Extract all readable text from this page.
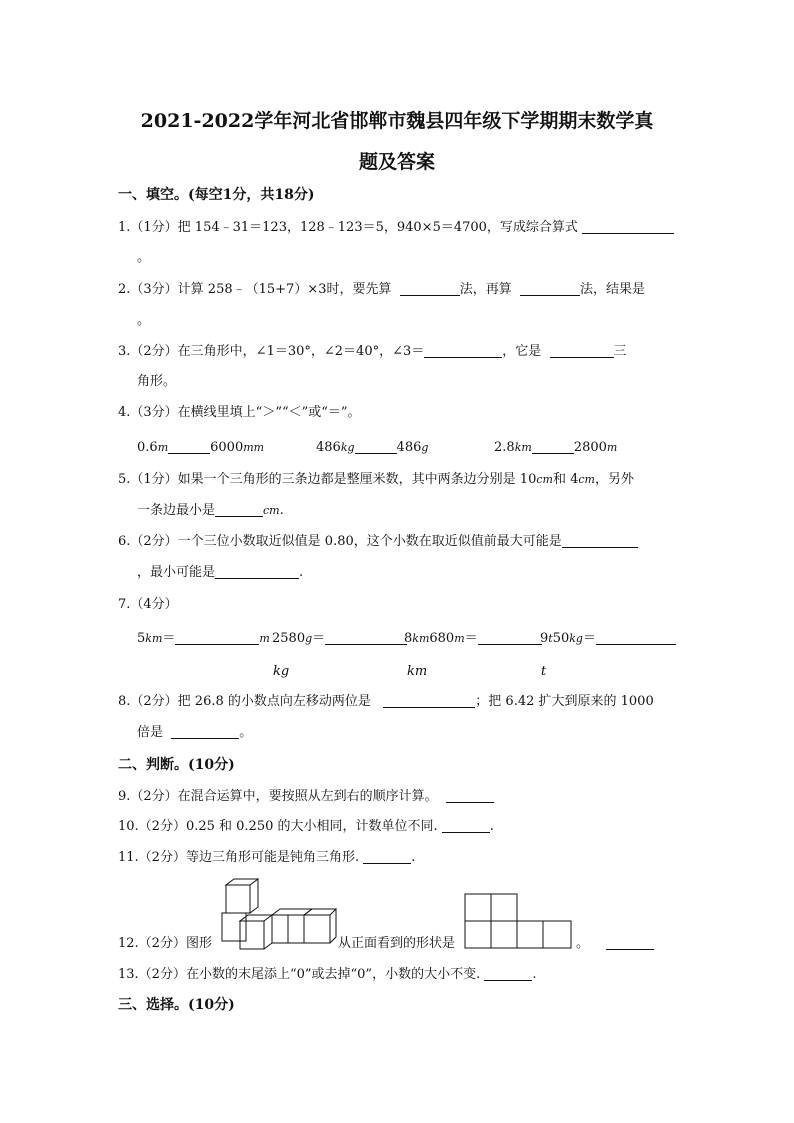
2021-2022学年河北省邯郸市魏县四年级下学期期末数学真
题及答案
一、填空。(每空1分，共18分)
1.（1分）把 154﹣31＝123，128﹣123＝5，940×5＝4700，写成综合算式
。
2.（3分）计算 258﹣（15+7）×3时，要先算	法，再算	法，结果是
。
3.（2分）在三角形中，∠1＝30°，∠2＝40°，∠3＝	，它是	三
角形。
4.（3分）在横线里填上“＞”“＜”或“＝”。
0.6m	6000mm	486kg	486g	2.8km	2800m
5.（1分）如果一个三角形的三条边都是整厘米数，其中两条边分别是 10cm和 4cm，另外
一条边最小是	cm.
6.（2分）一个三位小数取近似值是 0.80，这个小数在取近似值前最大可能是
，最小可能是	.
7.（4分）
5km＝	m 2580g＝
kg
8km680m＝
km
9t50kg＝
t
8.（2分）把 26.8 的小数点向左移动两位是	；把 6.42 扩大到原来的 1000
倍是	。
二、判断。(10分)
9.（2分）在混合运算中，要按照从左到右的顺序计算。
10.（2分）0.25 和 0.250 的大小相同，计数单位不同.	.
11.（2分）等边三角形可能是钝角三角形.	.
12.（2分）图形	从正面看到的形状是	。
13.（2分）在小数的末尾添上“0”或去掉“0”，小数的大小不变.	.
三、选择。(10分)
